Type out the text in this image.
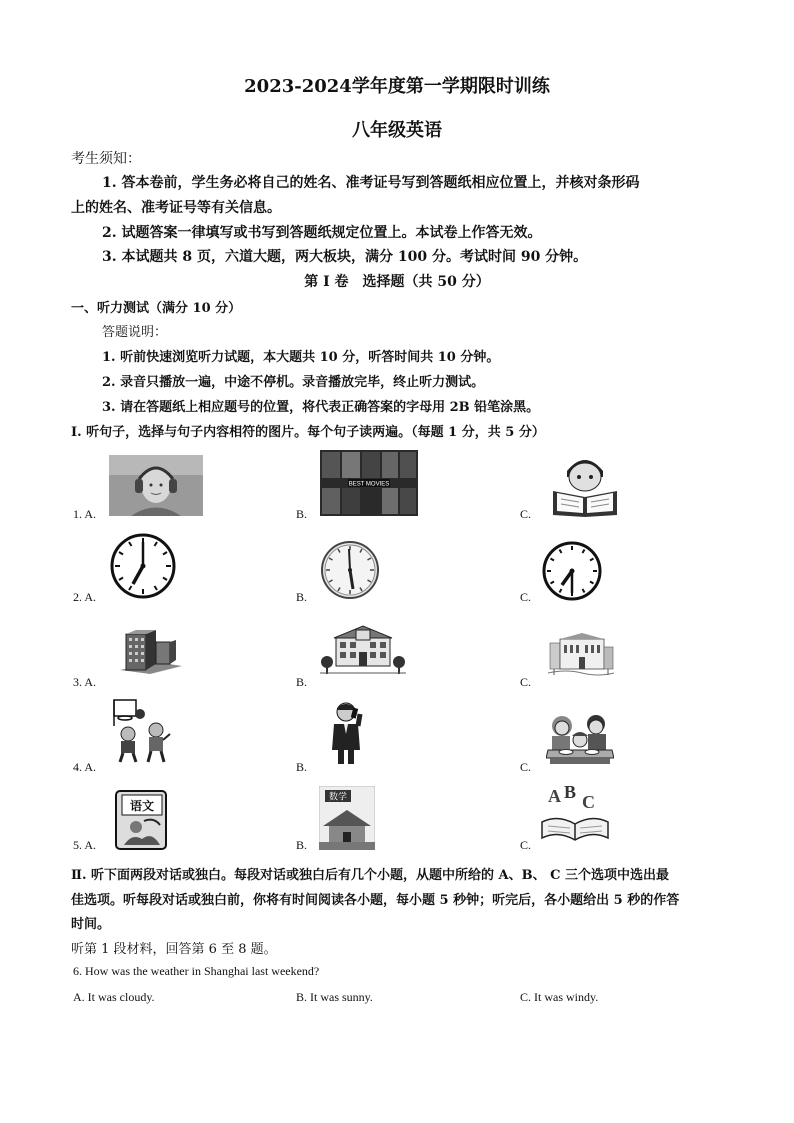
2023-2024学年度第一学期限时训练
八年级英语
考生须知：
1. 答本卷前，学生务必将自己的姓名、准考证号写到答题纸相应位置上，并核对条形码
上的姓名、准考证号等有关信息。
2. 试题答案一律填写或书写到答题纸规定位置上。本试卷上作答无效。
3. 本试题共 8 页，六道大题，两大板块，满分 100 分。考试时间 90 分钟。
第 I 卷　选择题（共 50 分）
一、听力测试（满分 10 分）
答题说明：
1. 听前快速浏览听力试题，本大题共 10 分，听答时间共 10 分钟。
2. 录音只播放一遍，中途不停机。录音播放完毕，终止听力测试。
3. 请在答题纸上相应题号的位置，将代表正确答案的字母用 2B 铅笔涂黑。
I. 听句子，选择与句子内容相符的图片。每个句子读两遍。（每题 1 分，共 5 分）
1. A.	B.	C.
2. A.	B.	C.
3. A.	B.	C.
4. A.	B.	C.
5. A.	B.	C.
BEST MOVIES
语文
数学	A B C
Ⅱ. 听下面两段对话或独白。每段对话或独白后有几个小题，从题中所给的 A、B、 C 三个选项中选出最
佳选项。听每段对话或独白前，你将有时间阅读各小题，每小题 5 秒钟；听完后，各小题给出 5 秒的作答
时间。
听第 1 段材料，回答第 6 至 8 题。
6. How was the weather in Shanghai last weekend?
A. It was cloudy.	B. It was sunny.	C. It was windy.
